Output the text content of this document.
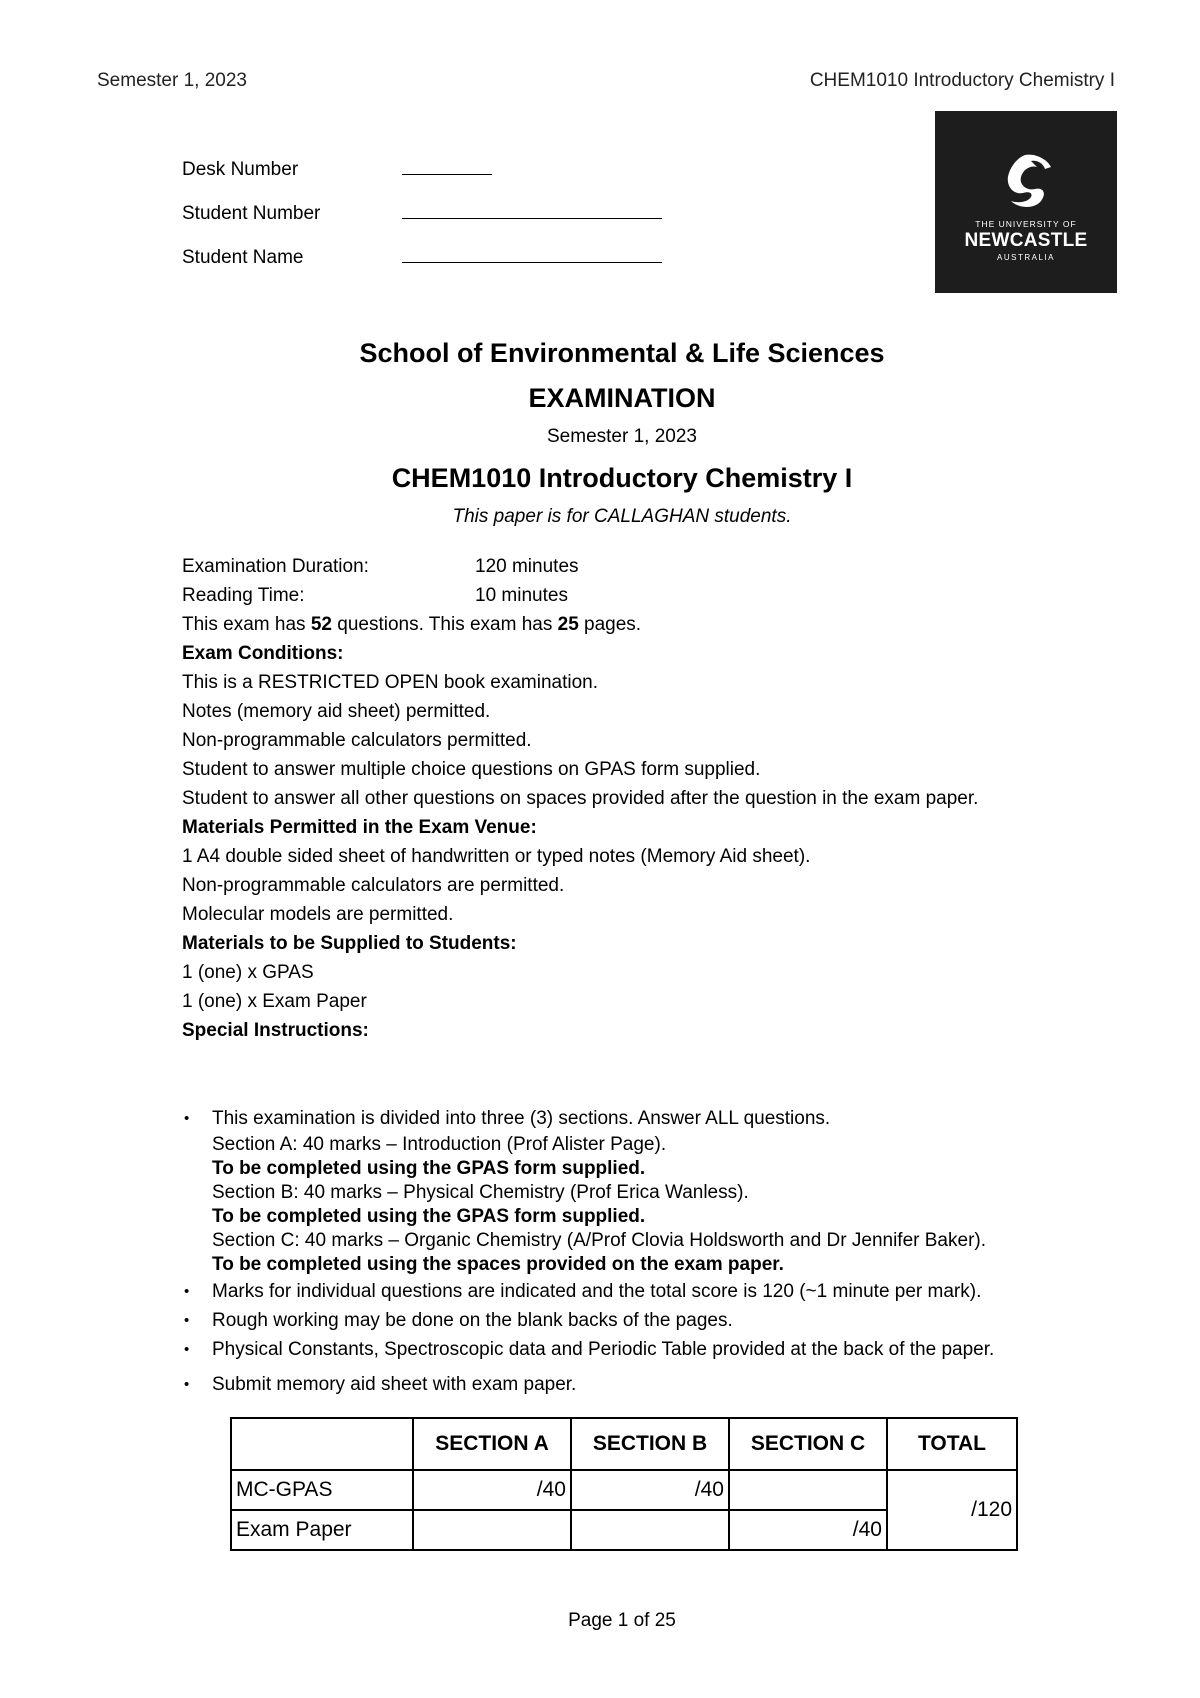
Semester 1, 2023	CHEM1010 Introductory Chemistry I
Desk Number
Student Number
Student Name
THE UNIVERSITY OF
NEWCASTLE
AUSTRALIA
School of Environmental & Life Sciences
EXAMINATION
Semester 1, 2023
CHEM1010 Introductory Chemistry I
This paper is for CALLAGHAN students.

Examination Duration:	120 minutes

Reading Time:	10 minutes

This exam has 52 questions. This exam has 25 pages.

Exam Conditions:

This is a RESTRICTED OPEN book examination.

Notes (memory aid sheet) permitted.

Non-programmable calculators permitted.

Student to answer multiple choice questions on GPAS form supplied.

Student to answer all other questions on spaces provided after the question in the exam paper.

Materials Permitted in the Exam Venue:

1 A4 double sided sheet of handwritten or typed notes (Memory Aid sheet).

Non-programmable calculators are permitted.

Molecular models are permitted.

Materials to be Supplied to Students:

1 (one) x GPAS

1 (one) x Exam Paper

Special Instructions:

• This examination is divided into three (3) sections. Answer ALL questions.
Section A: 40 marks – Introduction (Prof Alister Page).
To be completed using the GPAS form supplied.
Section B: 40 marks – Physical Chemistry (Prof Erica Wanless).
To be completed using the GPAS form supplied.
Section C: 40 marks – Organic Chemistry (A/Prof Clovia Holdsworth and Dr Jennifer Baker).
To be completed using the spaces provided on the exam paper.
• Marks for individual questions are indicated and the total score is 120 (~1 minute per mark).
• Rough working may be done on the blank backs of the pages.
• Physical Constants, Spectroscopic data and Periodic Table provided at the back of the paper.
• Submit memory aid sheet with exam paper.
	SECTION A	SECTION B	SECTION C	TOTAL
MC-GPAS	/40	/40		/120
Exam Paper			/40	
Page 1 of 25
